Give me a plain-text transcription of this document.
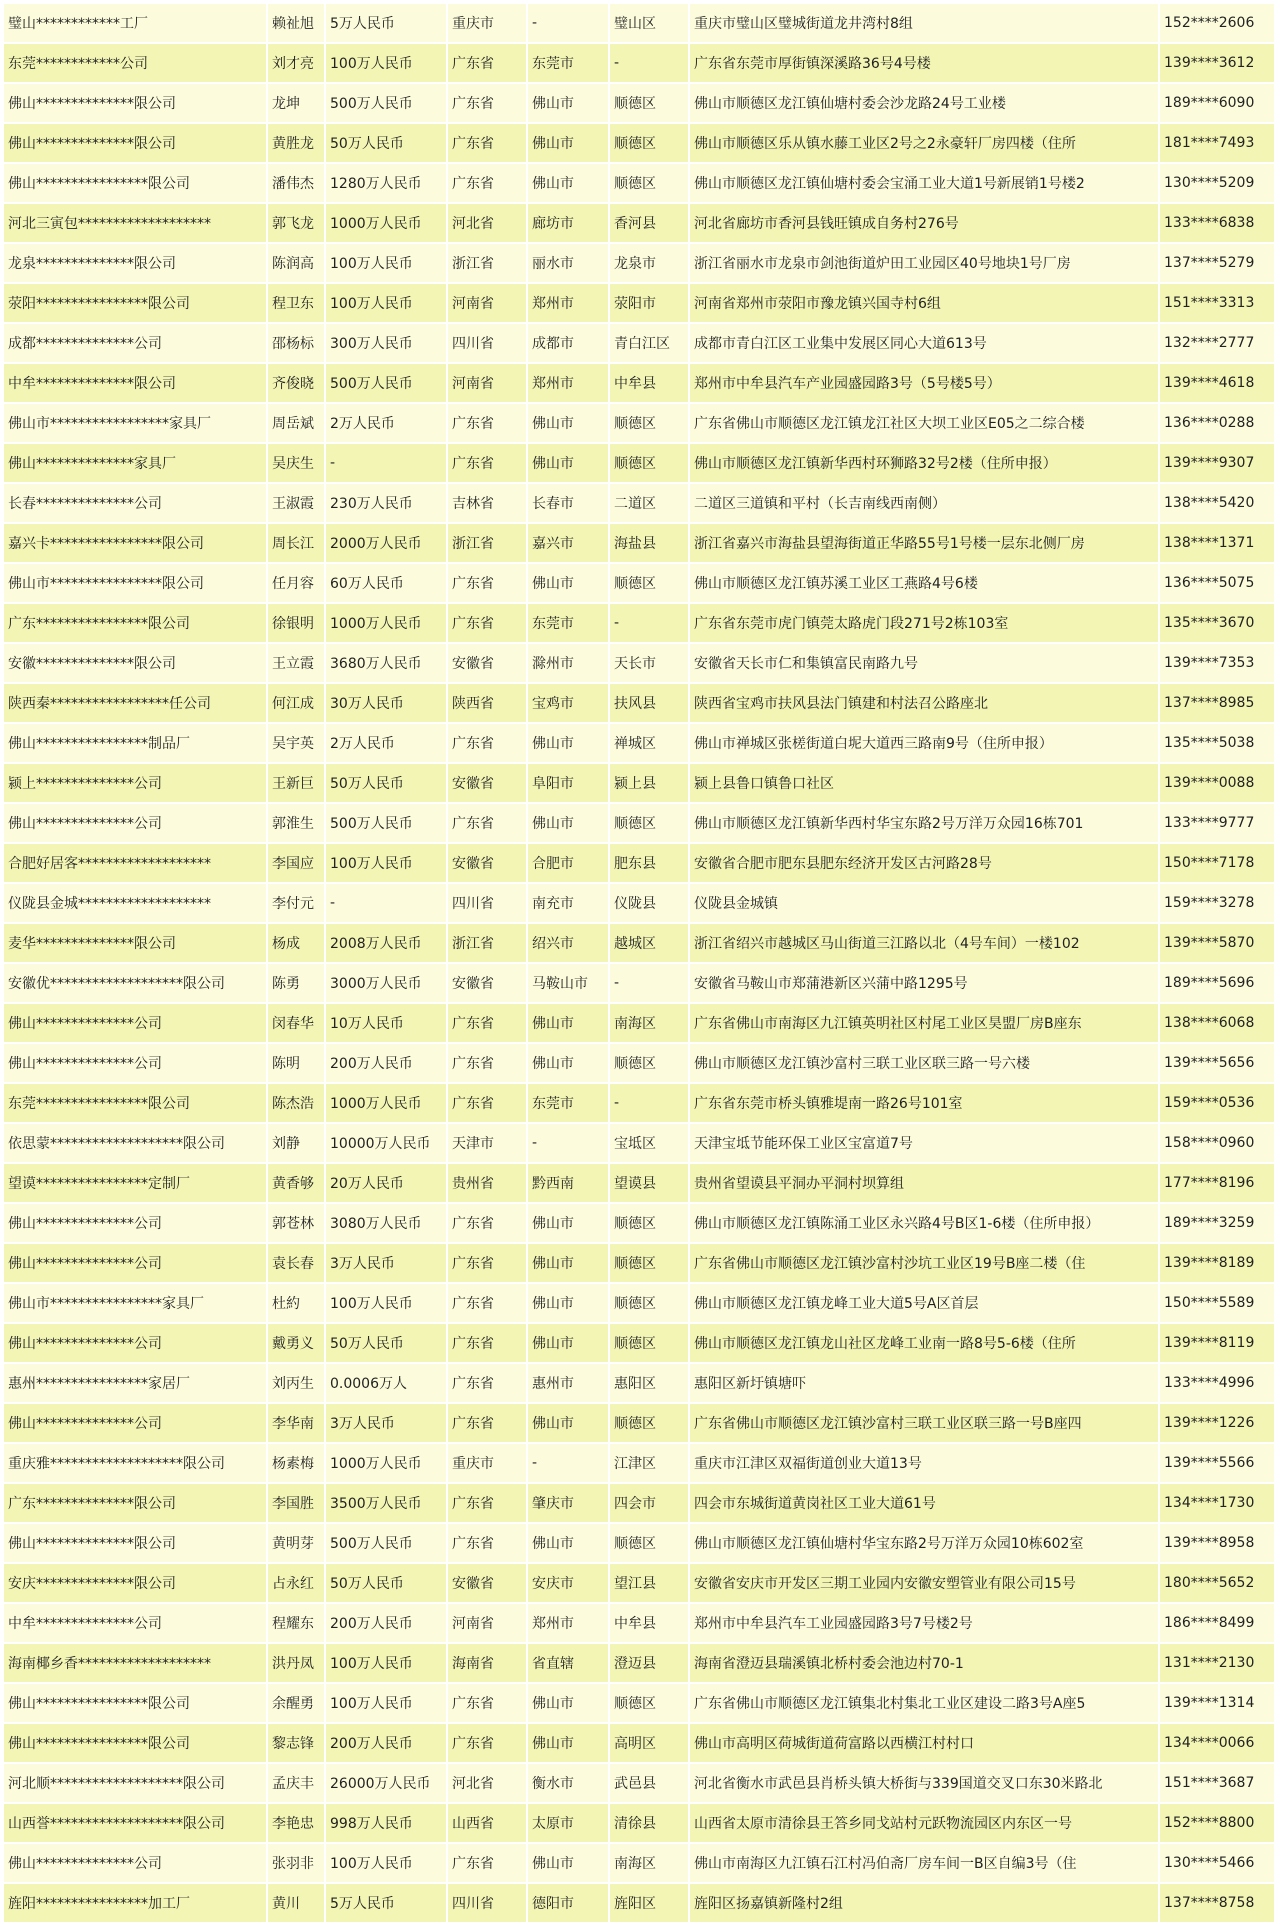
璧山************工厂	赖祉旭	5万人民币	重庆市	-	璧山区	重庆市璧山区璧城街道龙井湾村8组	152****2606
东莞************公司	刘才亮	100万人民币	广东省	东莞市	-	广东省东莞市厚街镇深溪路36号4号楼	139****3612
佛山**************限公司	龙坤	500万人民币	广东省	佛山市	顺德区	佛山市顺德区龙江镇仙塘村委会沙龙路24号工业楼	189****6090
佛山**************限公司	黄胜龙	50万人民币	广东省	佛山市	顺德区	佛山市顺德区乐从镇水藤工业区2号之2永豪轩厂房四楼（住所	181****7493
佛山****************限公司	潘伟杰	1280万人民币	广东省	佛山市	顺德区	佛山市顺德区龙江镇仙塘村委会宝涌工业大道1号新展销1号楼2	130****5209
河北三寅包*******************	郭飞龙	1000万人民币	河北省	廊坊市	香河县	河北省廊坊市香河县钱旺镇成自务村276号	133****6838
龙泉**************限公司	陈润高	100万人民币	浙江省	丽水市	龙泉市	浙江省丽水市龙泉市剑池街道炉田工业园区40号地块1号厂房	137****5279
荥阳****************限公司	程卫东	100万人民币	河南省	郑州市	荥阳市	河南省郑州市荥阳市豫龙镇兴国寺村6组	151****3313
成都**************公司	邵杨标	300万人民币	四川省	成都市	青白江区	成都市青白江区工业集中发展区同心大道613号	132****2777
中牟**************限公司	齐俊晓	500万人民币	河南省	郑州市	中牟县	郑州市中牟县汽车产业园盛园路3号（5号楼5号）	139****4618
佛山市*****************家具厂	周岳斌	2万人民币	广东省	佛山市	顺德区	广东省佛山市顺德区龙江镇龙江社区大坝工业区E05之二综合楼	136****0288
佛山**************家具厂	吴庆生	-	广东省	佛山市	顺德区	佛山市顺德区龙江镇新华西村环狮路32号2楼（住所申报）	139****9307
长春**************公司	王淑霞	230万人民币	吉林省	长春市	二道区	二道区三道镇和平村（长吉南线西南侧）	138****5420
嘉兴卡****************限公司	周长江	2000万人民币	浙江省	嘉兴市	海盐县	浙江省嘉兴市海盐县望海街道正华路55号1号楼一层东北侧厂房	138****1371
佛山市****************限公司	任月容	60万人民币	广东省	佛山市	顺德区	佛山市顺德区龙江镇苏溪工业区工燕路4号6楼	136****5075
广东****************限公司	徐银明	1000万人民币	广东省	东莞市	-	广东省东莞市虎门镇莞太路虎门段271号2栋103室	135****3670
安徽**************限公司	王立霞	3680万人民币	安徽省	滁州市	天长市	安徽省天长市仁和集镇富民南路九号	139****7353
陕西秦*****************任公司	何江成	30万人民币	陕西省	宝鸡市	扶风县	陕西省宝鸡市扶风县法门镇建和村法召公路座北	137****8985
佛山****************制品厂	吴宇英	2万人民币	广东省	佛山市	禅城区	佛山市禅城区张槎街道白坭大道西三路南9号（住所申报）	135****5038
颍上**************公司	王新巨	50万人民币	安徽省	阜阳市	颍上县	颍上县鲁口镇鲁口社区	139****0088
佛山**************公司	郭淮生	500万人民币	广东省	佛山市	顺德区	佛山市顺德区龙江镇新华西村华宝东路2号万洋万众园16栋701	133****9777
合肥好居客*******************	李国应	100万人民币	安徽省	合肥市	肥东县	安徽省合肥市肥东县肥东经济开发区古河路28号	150****7178
仪陇县金城*******************	李付元	-	四川省	南充市	仪陇县	仪陇县金城镇	159****3278
麦华**************限公司	杨成	2008万人民币	浙江省	绍兴市	越城区	浙江省绍兴市越城区马山街道三江路以北（4号车间）一楼102	139****5870
安徽优*******************限公司	陈勇	3000万人民币	安徽省	马鞍山市	-	安徽省马鞍山市郑蒲港新区兴蒲中路1295号	189****5696
佛山**************公司	闵春华	10万人民币	广东省	佛山市	南海区	广东省佛山市南海区九江镇英明社区村尾工业区昊盟厂房B座东	138****6068
佛山**************公司	陈明	200万人民币	广东省	佛山市	顺德区	佛山市顺德区龙江镇沙富村三联工业区联三路一号六楼	139****5656
东莞****************限公司	陈杰浩	1000万人民币	广东省	东莞市	-	广东省东莞市桥头镇雅堤南一路26号101室	159****0536
依思蒙*******************限公司	刘静	10000万人民币	天津市	-	宝坻区	天津宝坻节能环保工业区宝富道7号	158****0960
望谟****************定制厂	黄香够	20万人民币	贵州省	黔西南	望谟县	贵州省望谟县平洞办平洞村坝算组	177****8196
佛山**************公司	郭苍林	3080万人民币	广东省	佛山市	顺德区	佛山市顺德区龙江镇陈涌工业区永兴路4号B区1-6楼（住所申报）	189****3259
佛山**************公司	袁长春	3万人民币	广东省	佛山市	顺德区	广东省佛山市顺德区龙江镇沙富村沙坑工业区19号B座二楼（住	139****8189
佛山市****************家具厂	杜約	100万人民币	广东省	佛山市	顺德区	佛山市顺德区龙江镇龙峰工业大道5号A区首层	150****5589
佛山**************公司	戴勇义	50万人民币	广东省	佛山市	顺德区	佛山市顺德区龙江镇龙山社区龙峰工业南一路8号5-6楼（住所	139****8119
惠州****************家居厂	刘丙生	0.0006万人	广东省	惠州市	惠阳区	惠阳区新圩镇塘吓	133****4996
佛山**************公司	李华南	3万人民币	广东省	佛山市	顺德区	广东省佛山市顺德区龙江镇沙富村三联工业区联三路一号B座四	139****1226
重庆雅*******************限公司	杨素梅	1000万人民币	重庆市	-	江津区	重庆市江津区双福街道创业大道13号	139****5566
广东**************限公司	李国胜	3500万人民币	广东省	肇庆市	四会市	四会市东城街道黄岗社区工业大道61号	134****1730
佛山**************限公司	黄明芽	500万人民币	广东省	佛山市	顺德区	佛山市顺德区龙江镇仙塘村华宝东路2号万洋万众园10栋602室	139****8958
安庆**************限公司	占永红	50万人民币	安徽省	安庆市	望江县	安徽省安庆市开发区三期工业园内安徽安塑管业有限公司15号	180****5652
中牟**************公司	程耀东	200万人民币	河南省	郑州市	中牟县	郑州市中牟县汽车工业园盛园路3号7号楼2号	186****8499
海南椰乡香*******************	洪丹凤	100万人民币	海南省	省直辖	澄迈县	海南省澄迈县瑞溪镇北桥村委会池边村70-1	131****2130
佛山****************限公司	余醒勇	100万人民币	广东省	佛山市	顺德区	广东省佛山市顺德区龙江镇集北村集北工业区建设二路3号A座5	139****1314
佛山****************限公司	黎志锋	200万人民币	广东省	佛山市	高明区	佛山市高明区荷城街道荷富路以西横江村村口	134****0066
河北顺*******************限公司	孟庆丰	26000万人民币	河北省	衡水市	武邑县	河北省衡水市武邑县肖桥头镇大桥街与339国道交叉口东30米路北	151****3687
山西誉*******************限公司	李艳忠	998万人民币	山西省	太原市	清徐县	山西省太原市清徐县王答乡同戈站村元跃物流园区内东区一号	152****8800
佛山**************公司	张羽非	100万人民币	广东省	佛山市	南海区	佛山市南海区九江镇石江村冯伯斋厂房车间一B区自编3号（住	130****5466
旌阳****************加工厂	黄川	5万人民币	四川省	德阳市	旌阳区	旌阳区扬嘉镇新隆村2组	137****8758
